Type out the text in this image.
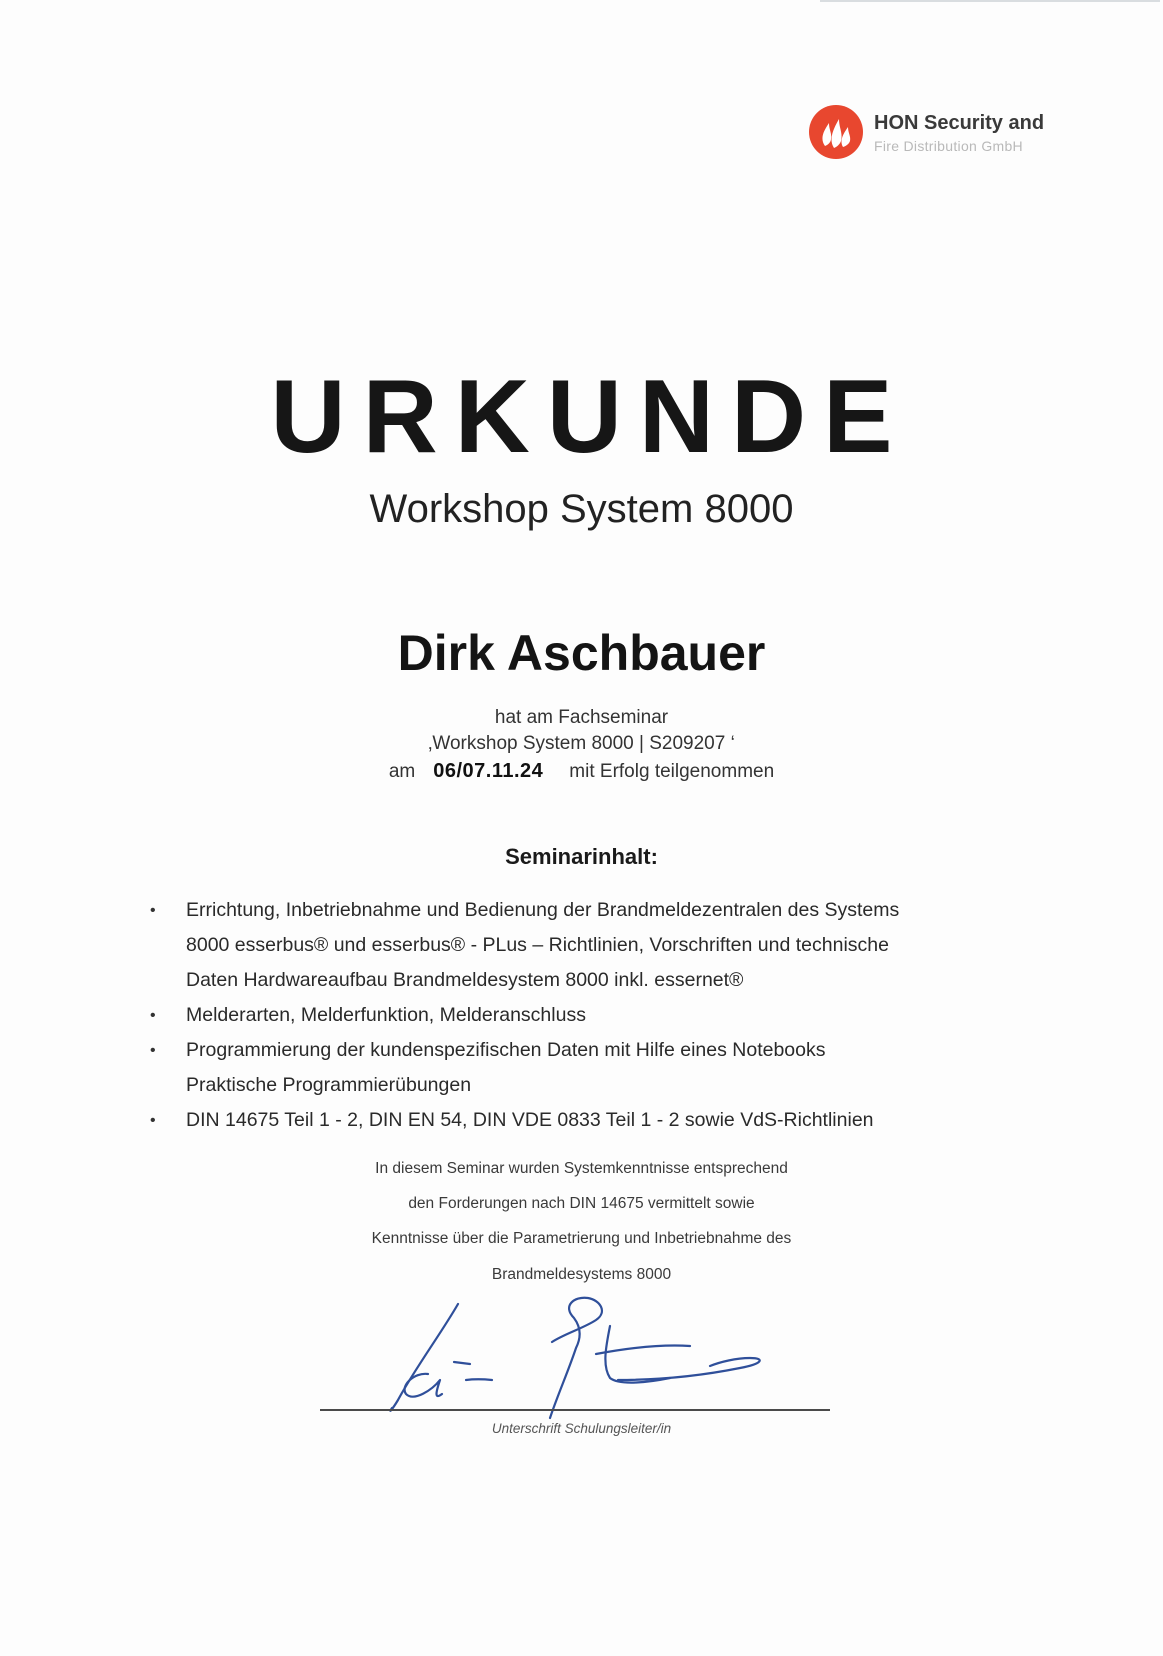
HON Security and
Fire Distribution GmbH
URKUNDE
Workshop System 8000
Dirk Aschbauer
hat am Fachseminar
‚Workshop System 8000 | S209207 ‘
am 06/07.11.24 mit Erfolg teilgenommen
Seminarinhalt:
• Errichtung, Inbetriebnahme und Bedienung der Brandmeldezentralen des Systems
8000 esserbus® und esserbus® - PLus – Richtlinien, Vorschriften und technische
Daten Hardwareaufbau Brandmeldesystem 8000 inkl. essernet®
• Melderarten, Melderfunktion, Melderanschluss
• Programmierung der kundenspezifischen Daten mit Hilfe eines Notebooks
Praktische Programmierübungen
• DIN 14675 Teil 1 - 2, DIN EN 54, DIN VDE 0833 Teil 1 - 2 sowie VdS-Richtlinien
In diesem Seminar wurden Systemkenntnisse entsprechend
den Forderungen nach DIN 14675 vermittelt sowie
Kenntnisse über die Parametrierung und Inbetriebnahme des
Brandmeldesystems 8000
Unterschrift Schulungsleiter/in
